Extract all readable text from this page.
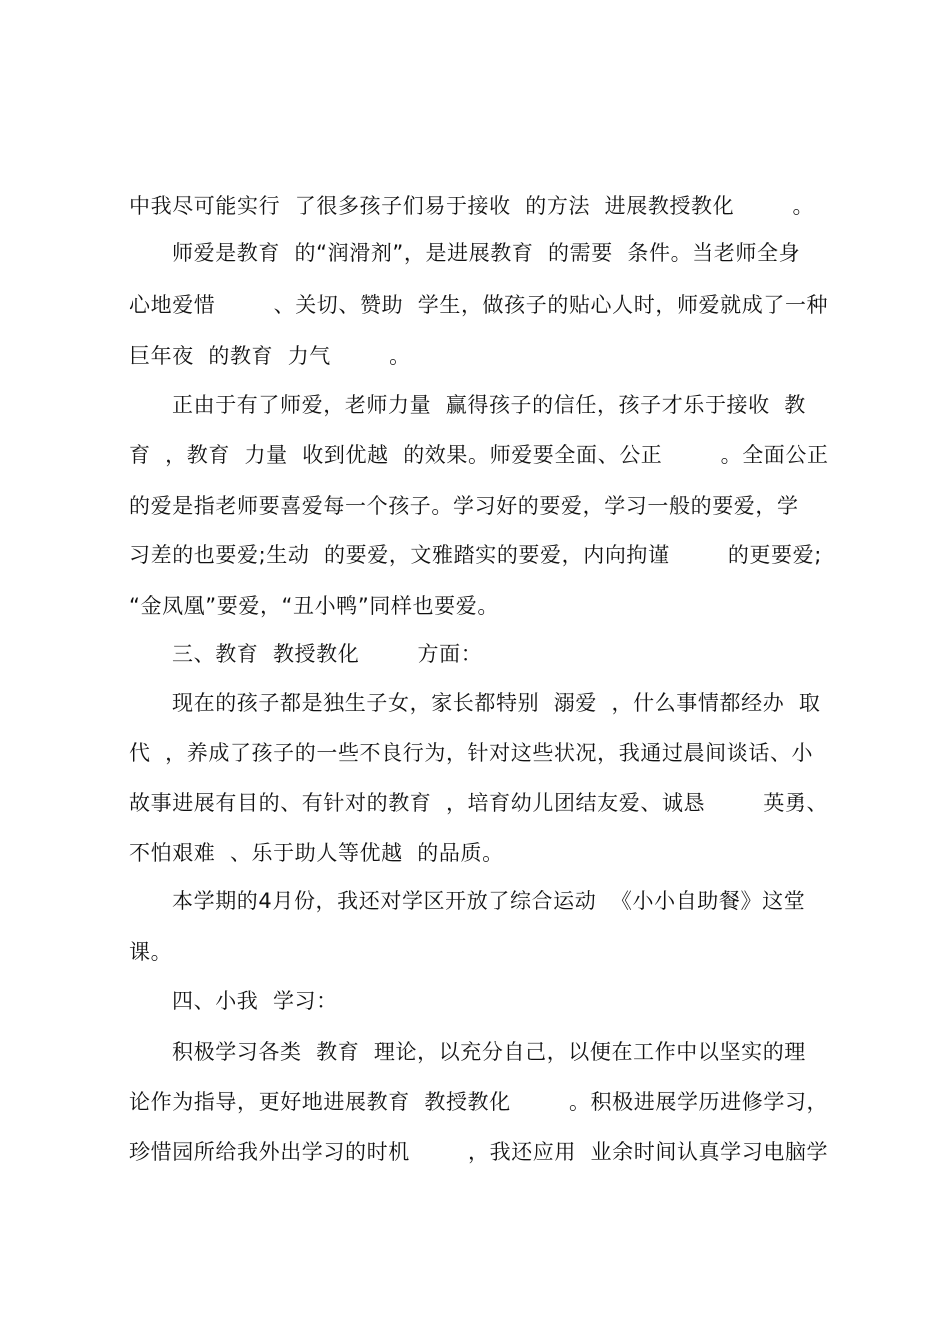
中我尽可能实行  了很多孩子们易于接收  的方法  进展教授教化        。
师爱是教育  的“润滑剂”，是进展教育  的需要  条件。当老师全身
心地爱惜        、关切、赞助  学生，做孩子的贴心人时，师爱就成了一种
巨年夜  的教育  力气        。
正由于有了师爱，老师力量  赢得孩子的信任，孩子才乐于接收  教
育  ，教育  力量  收到优越  的效果。师爱要全面、公正        。全面公正
的爱是指老师要喜爱每一个孩子。学习好的要爱，学习一般的要爱，学
习差的也要爱;生动  的要爱，文雅踏实的要爱，内向拘谨        的更要爱;
“金凤凰”要爱，“丑小鸭”同样也要爱。
三、教育  教授教化        方面：
现在的孩子都是独生子女，家长都特别  溺爱  ，什么事情都经办  取
代  ，养成了孩子的一些不良行为，针对这些状况，我通过晨间谈话、小
故事进展有目的、有针对的教育  ，培育幼儿团结友爱、诚恳        英勇、
不怕艰难  、乐于助人等优越  的品质。
本学期的4月份，我还对学区开放了综合运动  《小小自助餐》这堂
课。
四、小我  学习：
积极学习各类  教育  理论，以充分自己，以便在工作中以坚实的理
论作为指导，更好地进展教育  教授教化        。积极进展学历进修学习，
珍惜园所给我外出学习的时机        ，我还应用  业余时间认真学习电脑学
